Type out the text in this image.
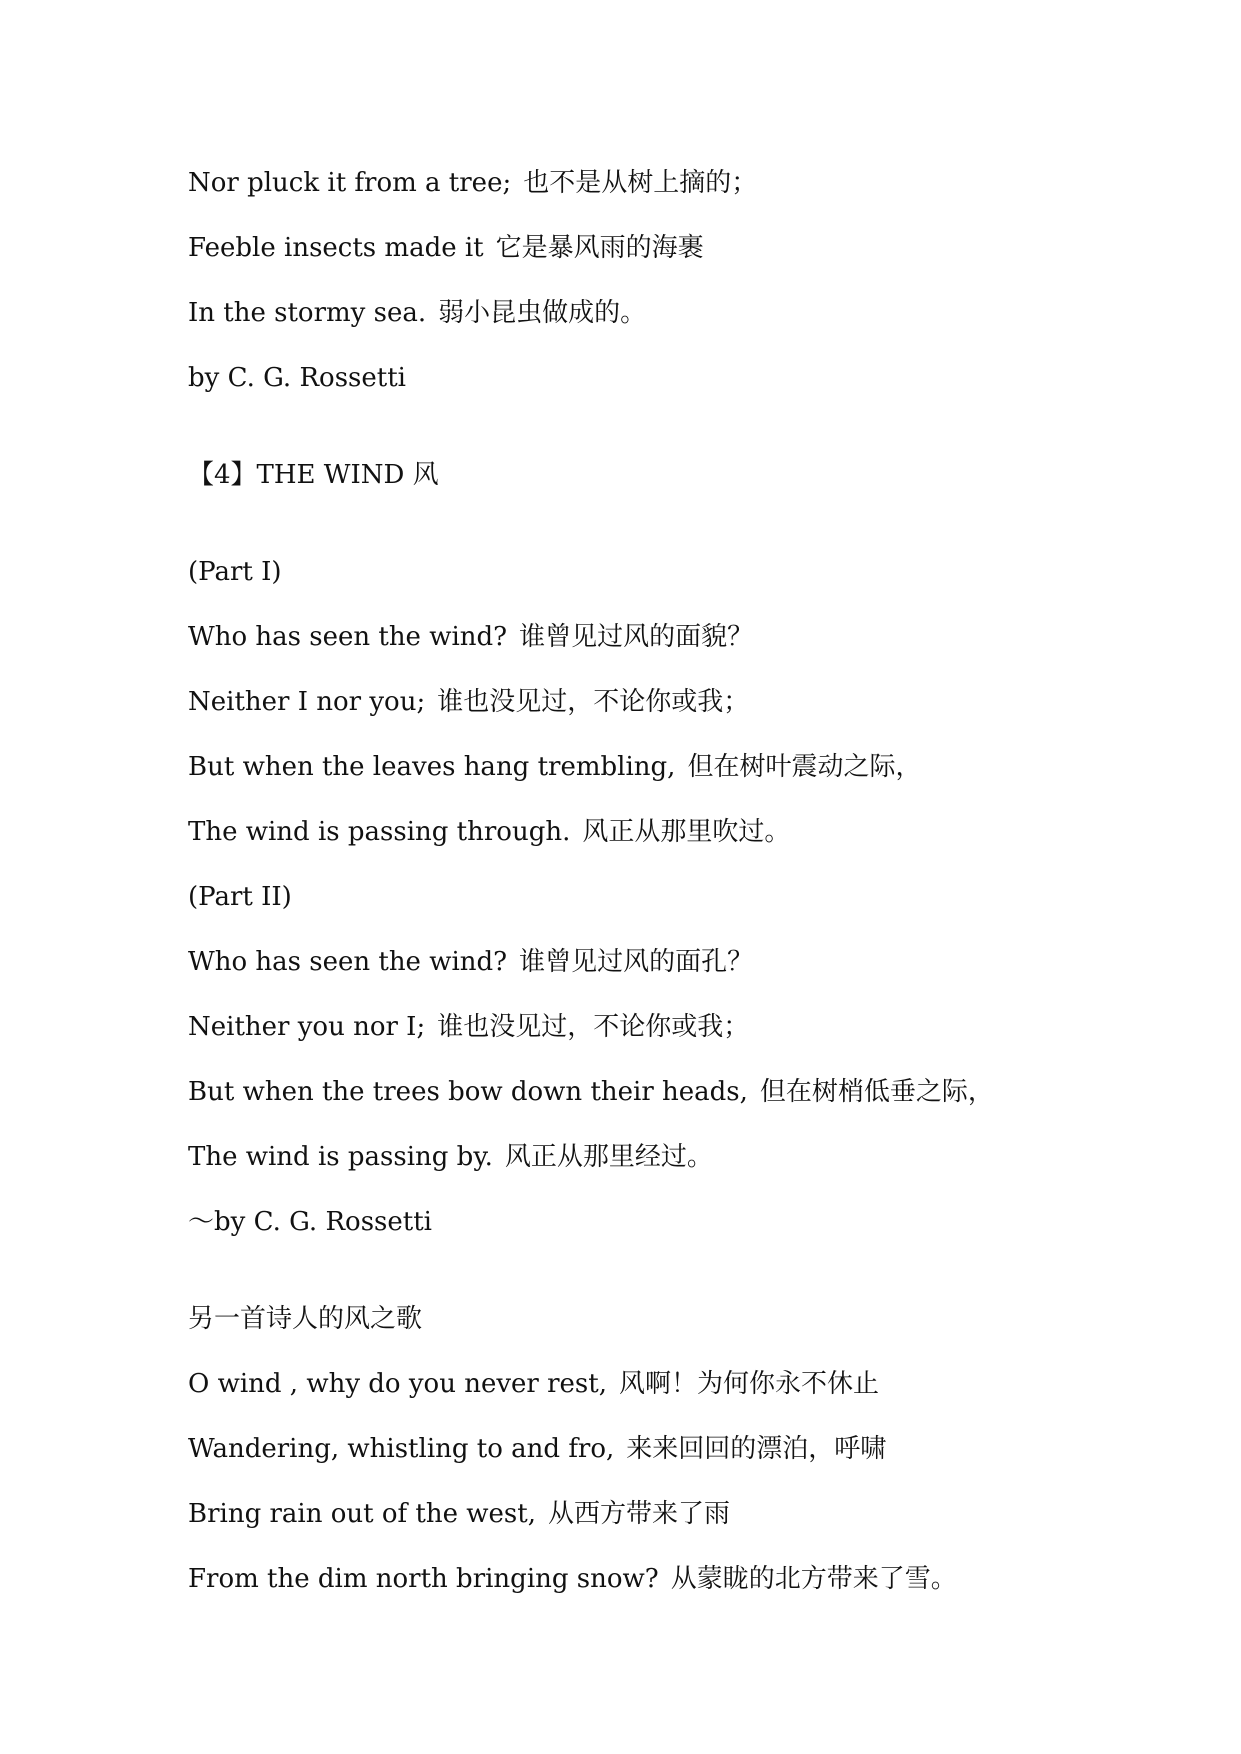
Nor pluck it from a tree; 也不是从树上摘的；
Feeble insects made it 它是暴风雨的海裹
In the stormy sea. 弱小昆虫做成的。
by C. G. Rossetti
【4】THE WIND 风
(Part I)
Who has seen the wind? 谁曾见过风的面貌？
Neither I nor you; 谁也没见过，不论你或我；
But when the leaves hang trembling, 但在树叶震动之际，
The wind is passing through. 风正从那里吹过。
(Part II)
Who has seen the wind? 谁曾见过风的面孔？
Neither you nor I; 谁也没见过，不论你或我；
But when the trees bow down their heads, 但在树梢低垂之际，
The wind is passing by. 风正从那里经过。
～by C. G. Rossetti
另一首诗人的风之歌
O wind , why do you never rest, 风啊！为何你永不休止
Wandering, whistling to and fro, 来来回回的漂泊，呼啸
Bring rain out of the west, 从西方带来了雨
From the dim north bringing snow? 从蒙眬的北方带来了雪。
